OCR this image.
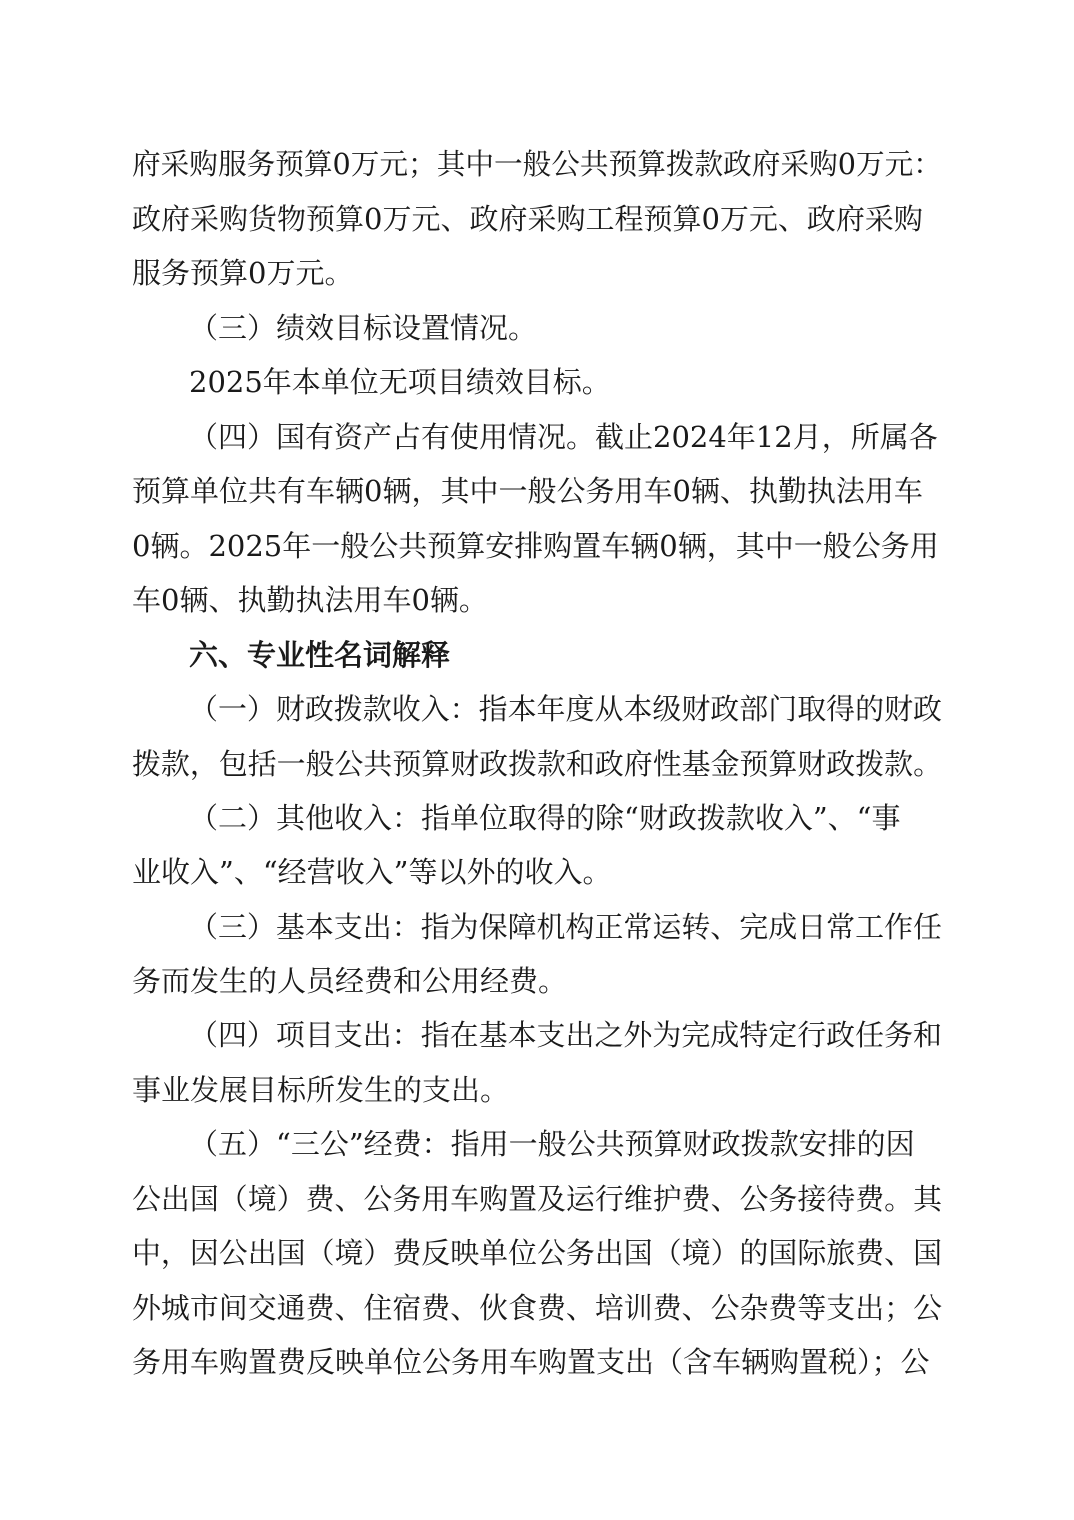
府采购服务预算0万元；其中一般公共预算拨款政府采购0万元：
政府采购货物预算0万元、政府采购工程预算0万元、政府采购
服务预算0万元。
（三）绩效目标设置情况。
2025年本单位无项目绩效目标。
（四）国有资产占有使用情况。截止2024年12月，所属各
预算单位共有车辆0辆，其中一般公务用车0辆、执勤执法用车
0辆。2025年一般公共预算安排购置车辆0辆，其中一般公务用
车0辆、执勤执法用车0辆。
六、专业性名词解释
（一）财政拨款收入：指本年度从本级财政部门取得的财政
拨款，包括一般公共预算财政拨款和政府性基金预算财政拨款。
（二）其他收入：指单位取得的除“财政拨款收入”、“事
业收入”、“经营收入”等以外的收入。
（三）基本支出：指为保障机构正常运转、完成日常工作任
务而发生的人员经费和公用经费。
（四）项目支出：指在基本支出之外为完成特定行政任务和
事业发展目标所发生的支出。
（五）“三公”经费：指用一般公共预算财政拨款安排的因
公出国（境）费、公务用车购置及运行维护费、公务接待费。其
中，因公出国（境）费反映单位公务出国（境）的国际旅费、国
外城市间交通费、住宿费、伙食费、培训费、公杂费等支出；公
务用车购置费反映单位公务用车购置支出（含车辆购置税）；公
